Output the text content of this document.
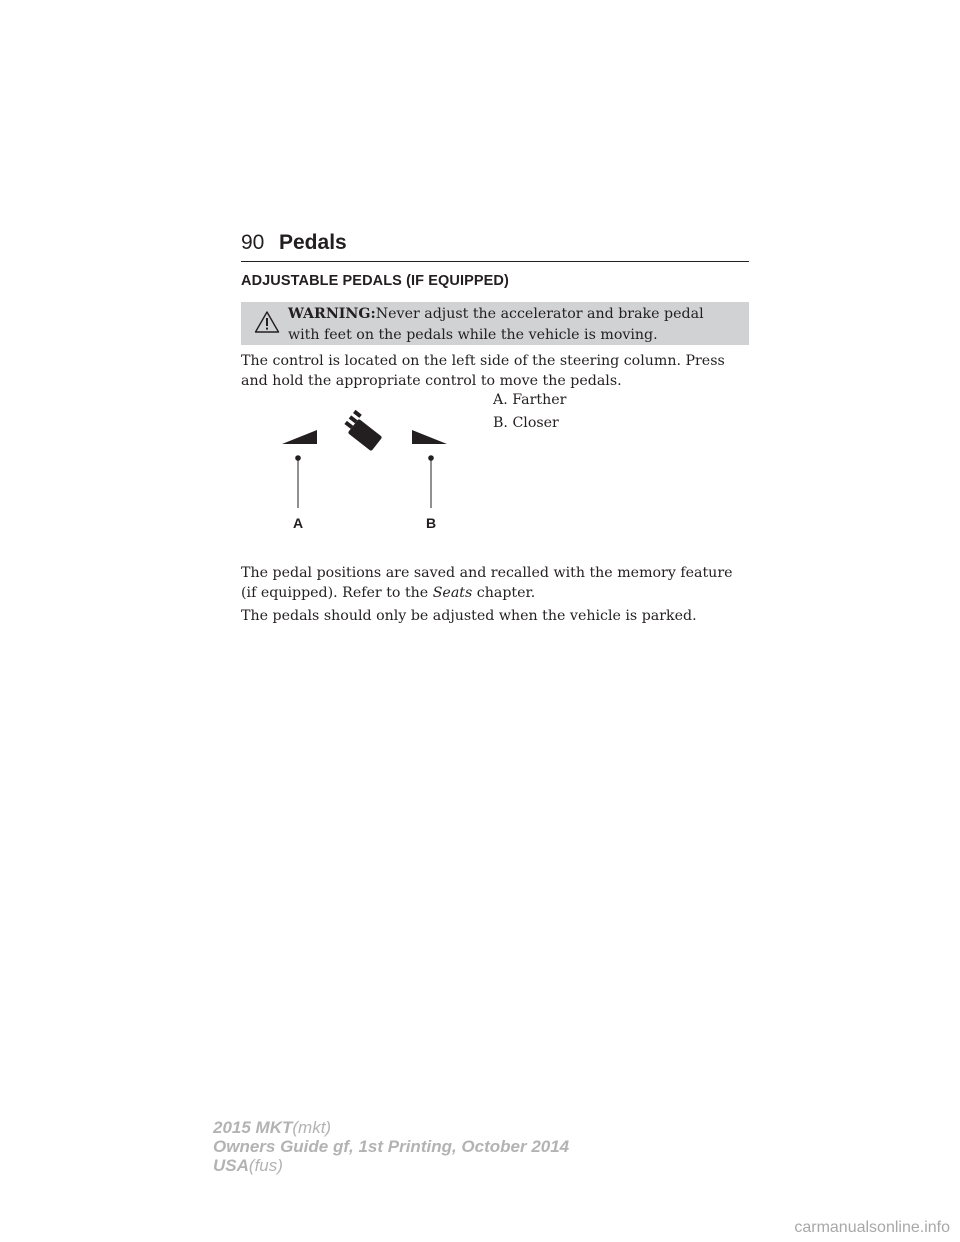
90 Pedals
ADJUSTABLE PEDALS (IF EQUIPPED)
WARNING:Never adjust the accelerator and brake pedal with feet on the pedals while the vehicle is moving.

The control is located on the left side of the steering column. Press and hold the appropriate control to move the pedals.

A	B
A. Farther
B. Closer

The pedal positions are saved and recalled with the memory feature (if equipped). Refer to the Seats chapter.

The pedals should only be adjusted when the vehicle is parked.

2015 MKT(mkt)
Owners Guide gf, 1st Printing, October 2014
USA(fus)
carmanualsonline.info
